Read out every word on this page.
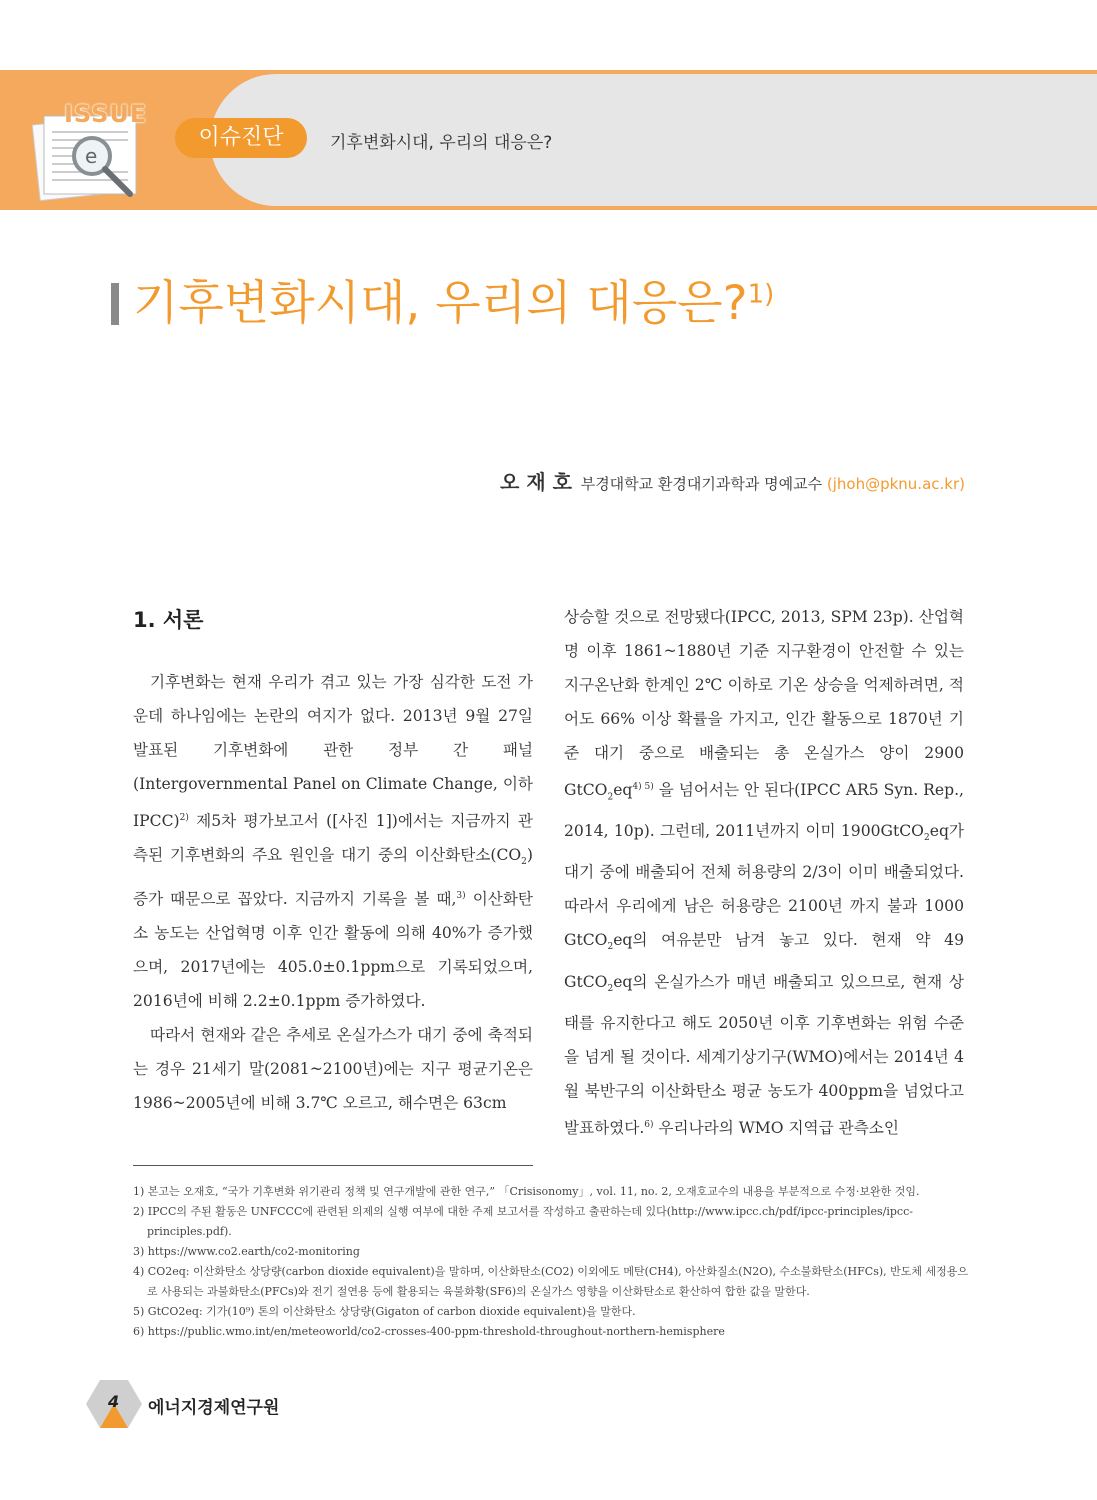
e
ISSUE
이슈진단	기후변화시대, 우리의 대응은?
기후변화시대, 우리의 대응은?$^{1)}$
오 재 호 부경대학교 환경대기과학과 명예교수 (jhoh@pknu.ac.kr)
1. 서론

기후변화는 현재 우리가 겪고 있는 가장 심각한 도전 가운데 하나임에는 논란의 여지가 없다. 2013년 9월 27일 발표된 기후변화에 관한 정부 간 패널(Intergovernmental Panel on Climate Change, 이하 IPCC)$^{2)}$ 제5차 평가보고서 ([사진 1])에서는 지금까지 관측된 기후변화의 주요 원인을 대기 중의 이산화탄소$(CO_2)$ 증가 때문으로 꼽았다. 지금까지 기록을 볼 때,$^{3)}$ 이산화탄소 농도는 산업혁명 이후 인간 활동에 의해 40%가 증가했으며, 2017년에는 405.0±0.1ppm으로 기록되었으며, 2016년에 비해 2.2±0.1ppm 증가하였다.

따라서 현재와 같은 추세로 온실가스가 대기 중에 축적되는 경우 21세기 말(2081~2100년)에는 지구 평균기온은 1986~2005년에 비해 3.7℃ 오르고, 해수면은 63cm

상승할 것으로 전망됐다(IPCC, 2013, SPM 23p). 산업혁명 이후 1861~1880년 기준 지구환경이 안전할 수 있는 지구온난화 한계인 2℃ 이하로 기온 상승을 억제하려면, 적어도 66% 이상 확률을 가지고, 인간 활동으로 1870년 기준 대기 중으로 배출되는 총 온실가스 양이 2900 GtCO$_2$eq$^{4) 5)}$ 을 넘어서는 안 된다(IPCC AR5 Syn. Rep., 2014, 10p). 그런데, 2011년까지 이미 1900GtCO$_2$eq가 대기 중에 배출되어 전체 허용량의 2/3이 이미 배출되었다. 따라서 우리에게 남은 허용량은 2100년 까지 불과 1000 GtCO$_2$eq의 여유분만 남겨 놓고 있다. 현재 약 49 GtCO$_2$eq의 온실가스가 매년 배출되고 있으므로, 현재 상태를 유지한다고 해도 2050년 이후 기후변화는 위험 수준을 넘게 될 것이다. 세계기상기구(WMO)에서는 2014년 4월 북반구의 이산화탄소 평균 농도가 400ppm을 넘었다고 발표하였다.$^{6)}$ 우리나라의 WMO 지역급 관측소인

1) 본고는 오재호, “국가 기후변화 위기관리 정책 및 연구개발에 관한 연구,” 「Crisisonomy」, vol. 11, no. 2, 오재호교수의 내용을 부분적으로 수정·보완한 것임.
2) IPCC의 주된 활동은 UNFCCC에 관련된 의제의 실행 여부에 대한 주제 보고서를 작성하고 출판하는데 있다(http://www.ipcc.ch/pdf/ipcc-principles/ipcc-principles.pdf).
3) https://www.co2.earth/co2-monitoring
4) CO2eq: 이산화탄소 상당량(carbon dioxide equivalent)을 말하며, 이산화탄소(CO2) 이외에도 메탄(CH4), 아산화질소(N2O), 수소불화탄소(HFCs), 반도체 세정용으로 사용되는 과불화탄소(PFCs)와 전기 절연용 등에 활용되는 육불화황(SF6)의 온실가스 영향을 이산화탄소로 환산하여 합한 값을 말한다.
5) GtCO2eq: 기가(10⁹) 톤의 이산화탄소 상당량(Gigaton of carbon dioxide equivalent)을 말한다.
6) https://public.wmo.int/en/meteoworld/co2-crosses-400-ppm-threshold-throughout-northern-hemisphere
4 에너지경제연구원
